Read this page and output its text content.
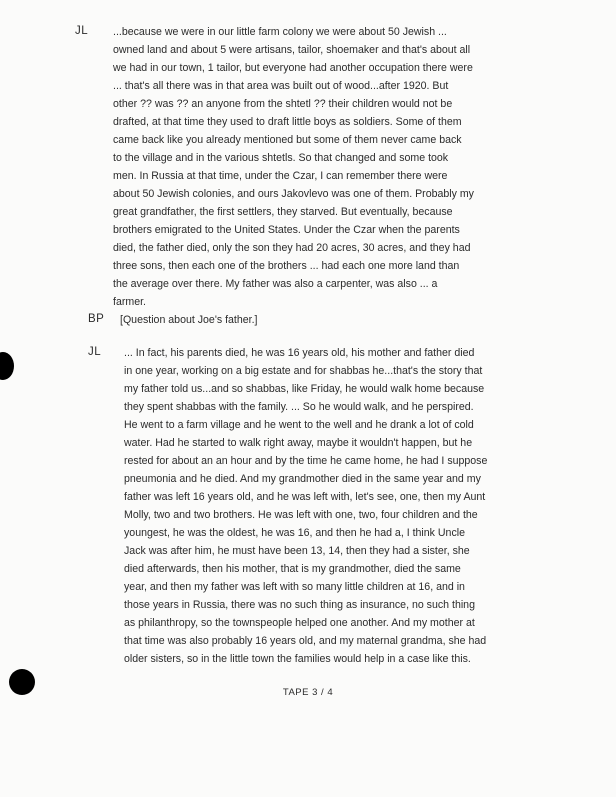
JL ...because we were in our little farm colony we were about 50 Jewish ...
owned land and about 5 were artisans, tailor, shoemaker and that's about all
we had in our town, 1 tailor, but everyone had another occupation there were
... that's all there was in that area was built out of wood...after 1920. But
other ?? was ?? an anyone from the shtetl ?? their children would not be
drafted, at that time they used to draft little boys as soldiers. Some of them
came back like you already mentioned but some of them never came back
to the village and in the various shtetls. So that changed and some took
men. In Russia at that time, under the Czar, I can remember there were
about 50 Jewish colonies, and ours Jakovlevo was one of them. Probably my
great grandfather, the first settlers, they starved. But eventually, because
brothers emigrated to the United States. Under the Czar when the parents
died, the father died, only the son they had 20 acres, 30 acres, and they had
three sons, then each one of the brothers ... had each one more land than
the average over there. My father was also a carpenter, was also ... a
farmer.
BP [Question about Joe's father.]
JL ... In fact, his parents died, he was 16 years old, his mother and father died
in one year, working on a big estate and for shabbas he...that's the story that
my father told us...and so shabbas, like Friday, he would walk home because
they spent shabbas with the family. ... So he would walk, and he perspired.
He went to a farm village and he went to the well and he drank a lot of cold
water. Had he started to walk right away, maybe it wouldn't happen, but he
rested for about an an hour and by the time he came home, he had I suppose
pneumonia and he died. And my grandmother died in the same year and my
father was left 16 years old, and he was left with, let's see, one, then my Aunt
Molly, two and two brothers. He was left with one, two, four children and the
youngest, he was the oldest, he was 16, and then he had a, I think Uncle
Jack was after him, he must have been 13, 14, then they had a sister, she
died afterwards, then his mother, that is my grandmother, died the same
year, and then my father was left with so many little children at 16, and in
those years in Russia, there was no such thing as insurance, no such thing
as philanthropy, so the townspeople helped one another. And my mother at
that time was also probably 16 years old, and my maternal grandma, she had
older sisters, so in the little town the families would help in a case like this.
TAPE 3 / 4
